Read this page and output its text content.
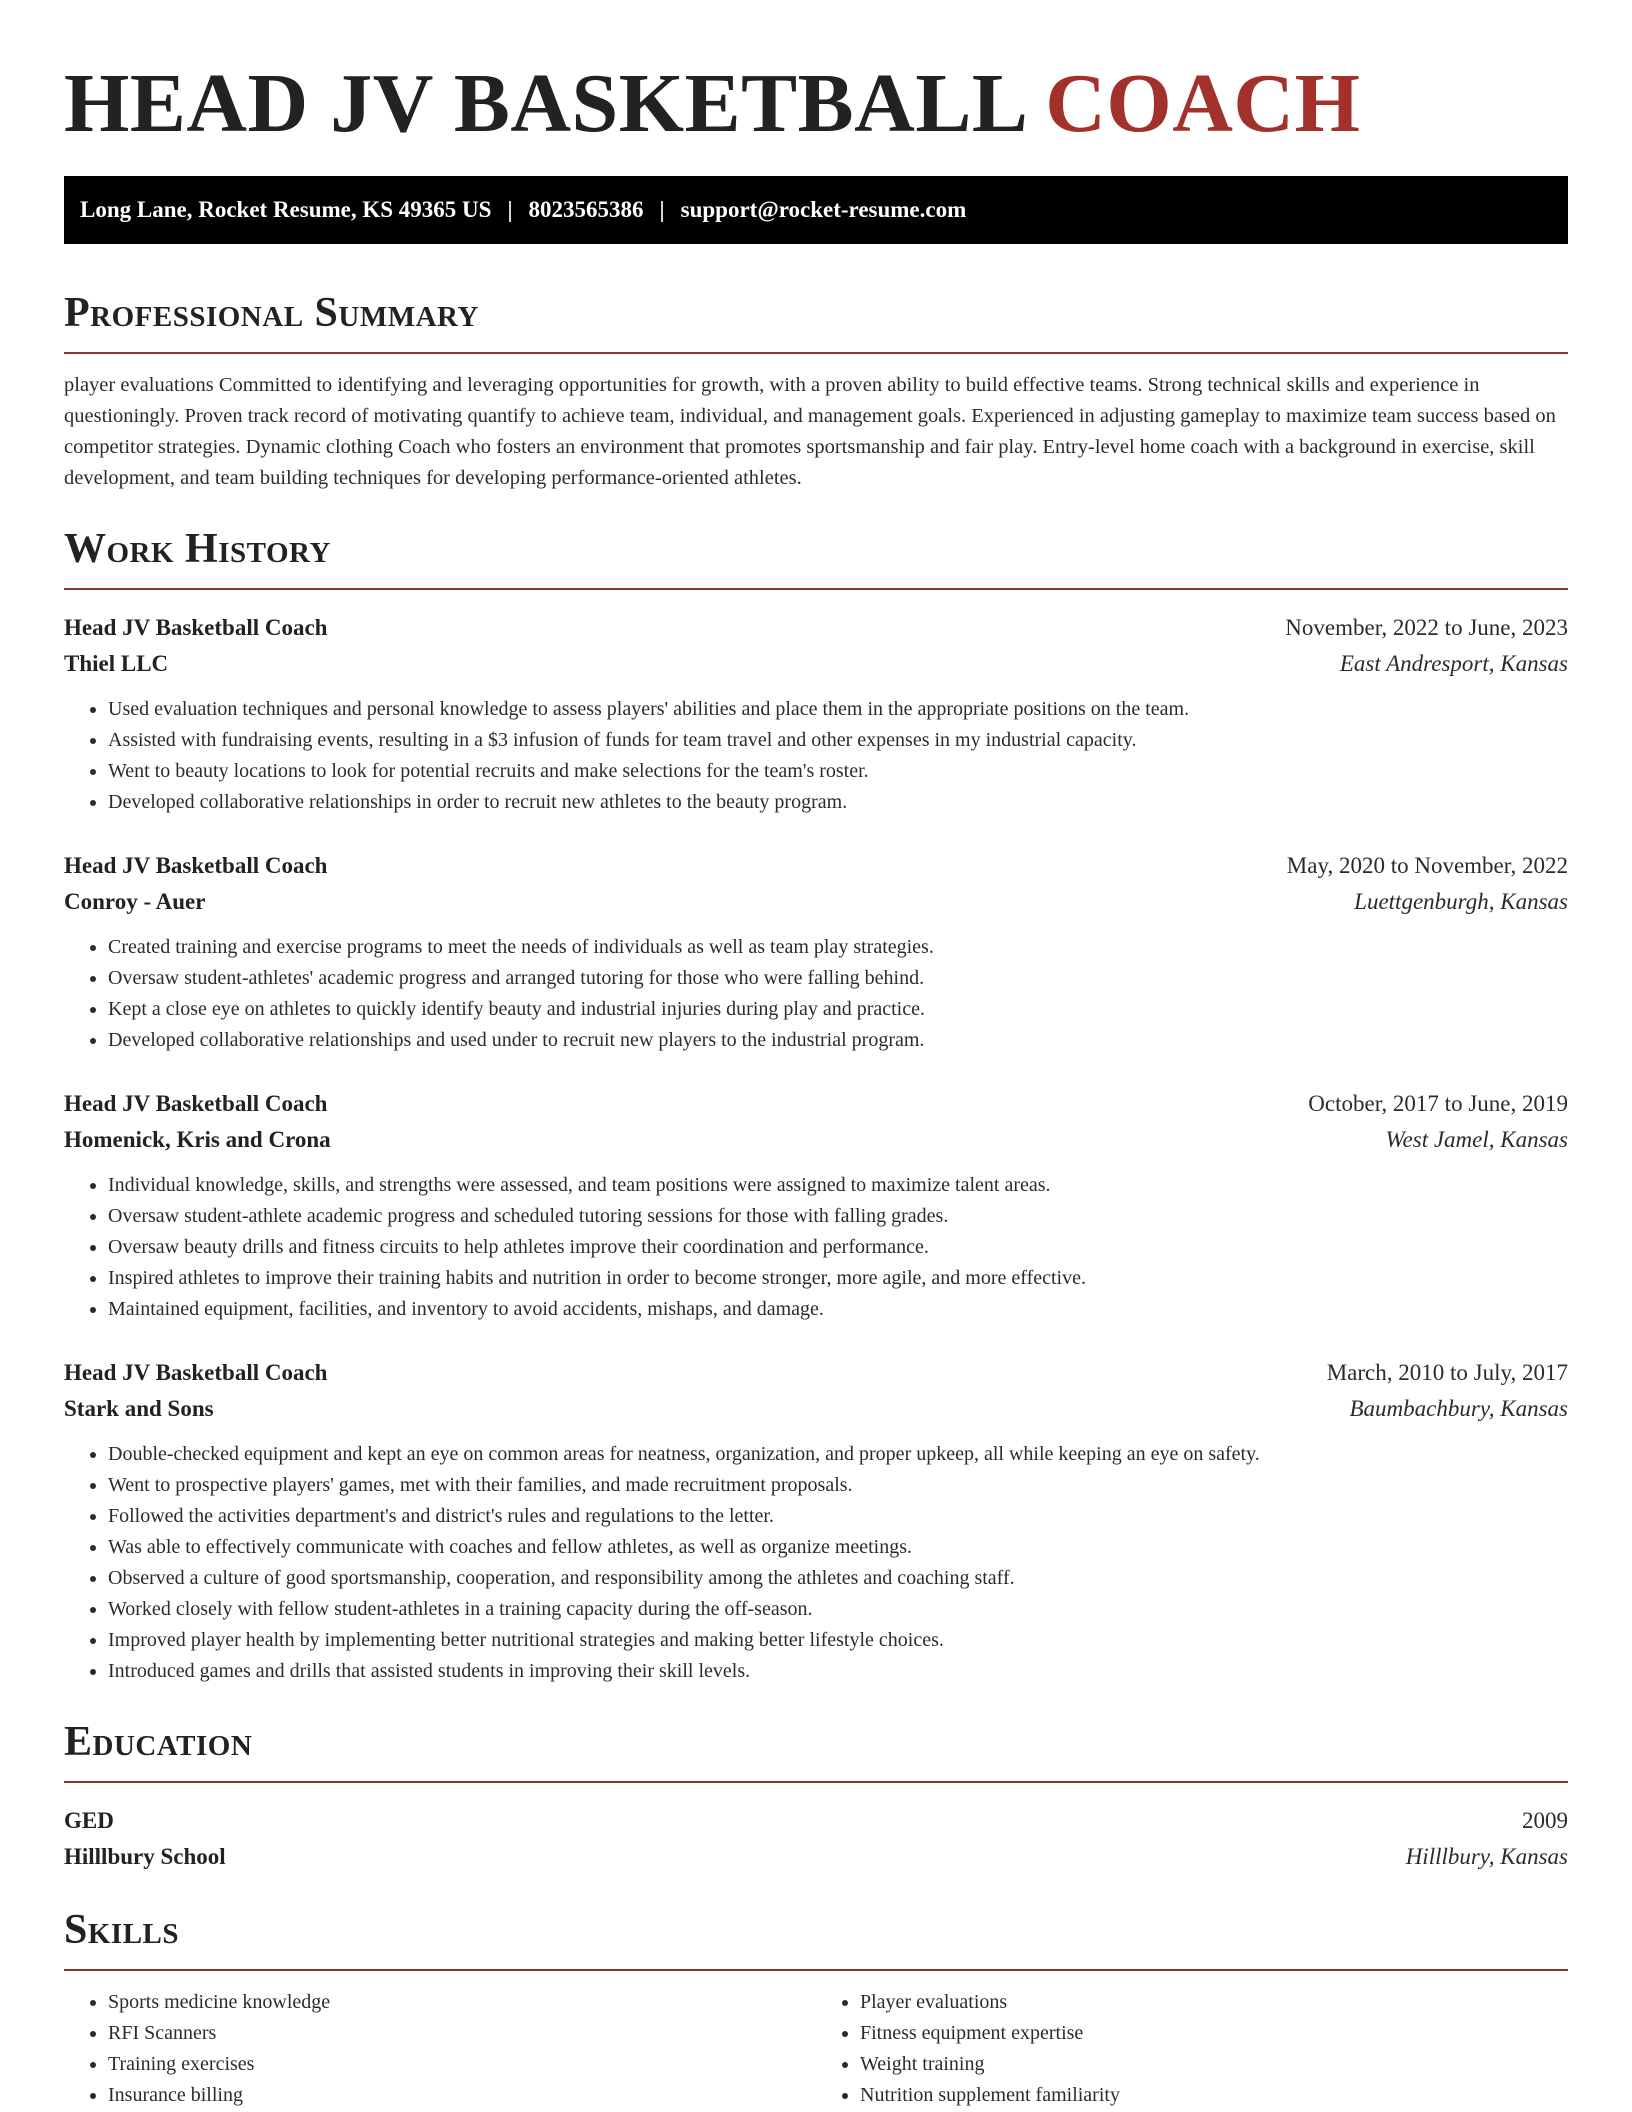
HEAD JV BASKETBALL COACH
Long Lane, Rocket Resume, KS 49365 US | 8023565386 | support@rocket-resume.com
Professional Summary

player evaluations Committed to identifying and leveraging opportunities for growth, with a proven ability to build effective teams. Strong technical skills and experience in questioningly. Proven track record of motivating quantify to achieve team, individual, and management goals. Experienced in adjusting gameplay to maximize team success based on competitor strategies. Dynamic clothing Coach who fosters an environment that promotes sportsmanship and fair play. Entry-level home coach with a background in exercise, skill development, and team building techniques for developing performance-oriented athletes.

Work History
Head JV Basketball Coach	November, 2022 to June, 2023
Thiel LLC	East Andresport, Kansas
• Used evaluation techniques and personal knowledge to assess players' abilities and place them in the appropriate positions on the team.
• Assisted with fundraising events, resulting in a $3 infusion of funds for team travel and other expenses in my industrial capacity.
• Went to beauty locations to look for potential recruits and make selections for the team's roster.
• Developed collaborative relationships in order to recruit new athletes to the beauty program.
Head JV Basketball Coach	May, 2020 to November, 2022
Conroy - Auer	Luettgenburgh, Kansas
• Created training and exercise programs to meet the needs of individuals as well as team play strategies.
• Oversaw student-athletes' academic progress and arranged tutoring for those who were falling behind.
• Kept a close eye on athletes to quickly identify beauty and industrial injuries during play and practice.
• Developed collaborative relationships and used under to recruit new players to the industrial program.
Head JV Basketball Coach	October, 2017 to June, 2019
Homenick, Kris and Crona	West Jamel, Kansas
• Individual knowledge, skills, and strengths were assessed, and team positions were assigned to maximize talent areas.
• Oversaw student-athlete academic progress and scheduled tutoring sessions for those with falling grades.
• Oversaw beauty drills and fitness circuits to help athletes improve their coordination and performance.
• Inspired athletes to improve their training habits and nutrition in order to become stronger, more agile, and more effective.
• Maintained equipment, facilities, and inventory to avoid accidents, mishaps, and damage.
Head JV Basketball Coach	March, 2010 to July, 2017
Stark and Sons	Baumbachbury, Kansas
• Double-checked equipment and kept an eye on common areas for neatness, organization, and proper upkeep, all while keeping an eye on safety.
• Went to prospective players' games, met with their families, and made recruitment proposals.
• Followed the activities department's and district's rules and regulations to the letter.
• Was able to effectively communicate with coaches and fellow athletes, as well as organize meetings.
• Observed a culture of good sportsmanship, cooperation, and responsibility among the athletes and coaching staff.
• Worked closely with fellow student-athletes in a training capacity during the off-season.
• Improved player health by implementing better nutritional strategies and making better lifestyle choices.
• Introduced games and drills that assisted students in improving their skill levels.
Education
GED	2009
Hilllbury School	Hilllbury, Kansas
Skills
• Sports medicine knowledge
• RFI Scanners
• Training exercises
• Insurance billing
• Player evaluations
• Fitness equipment expertise
• Weight training
• Nutrition supplement familiarity
